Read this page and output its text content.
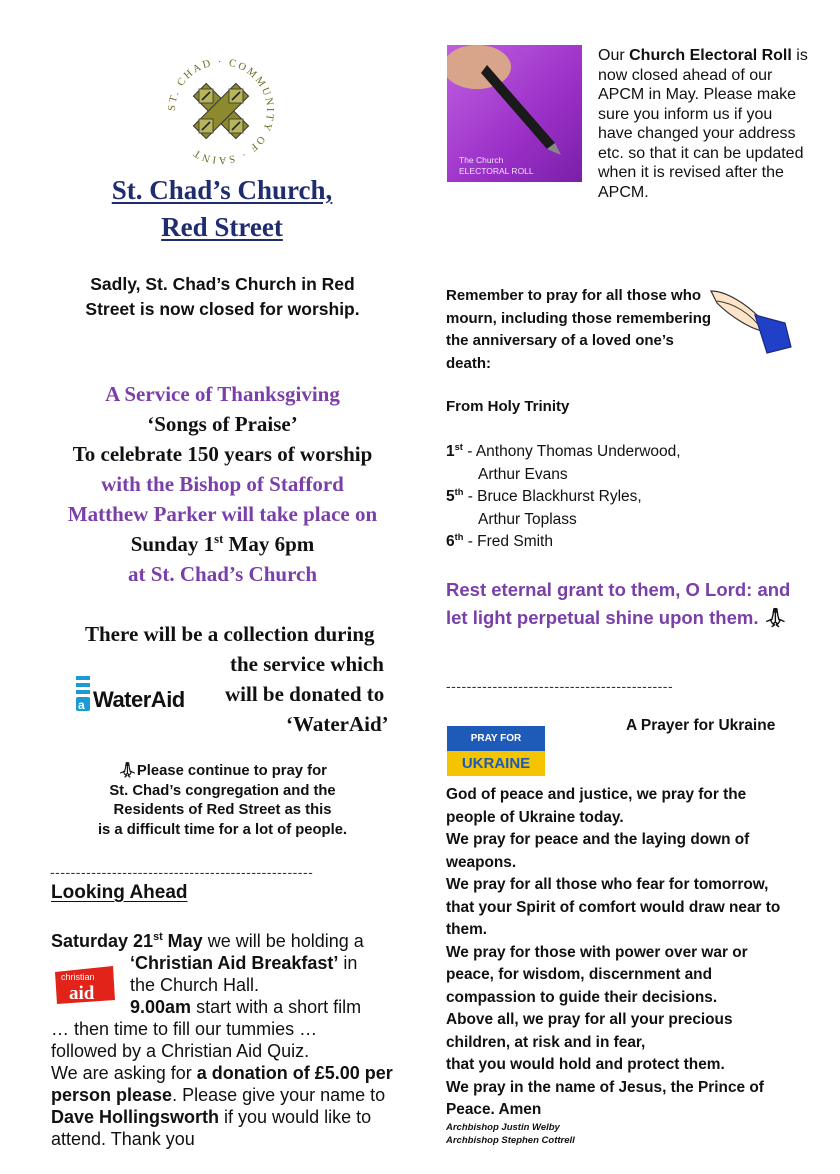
ST. CHAD · COMMUNITY OF · SAINT
St. Chad’s Church,
Red Street
Sadly, St. Chad’s Church in Red Street is now closed for worship.
A Service of Thanksgiving
‘Songs of Praise’
To celebrate 150 years of worship
with the Bishop of Stafford
Matthew Parker will take place on
Sunday 1st May 6pm
at St. Chad’s Church
There will be a collection during
the service which
will be donated to
‘WaterAid’
a WaterAid
🙏︎Please continue to pray for
St. Chad’s congregation and the
Residents of Red Street as this
is a difficult time for a lot of people.
---------------------------------------------------
Looking Ahead
Saturday 21st May we will be holding a
‘Christian Aid Breakfast’ in
the Church Hall.
9.00am start with a short film
… then time to fill our tummies …
followed by a Christian Aid Quiz.
We are asking for a donation of £5.00 per person please. Please give your name to Dave Hollingsworth if you would like to attend. Thank you
christian
aid
The Church
ELECTORAL ROLL
Our Church Electoral Roll is now closed ahead of our APCM in May. Please make sure you inform us if you have changed your address etc. so that it can be updated when it is revised after the APCM.
Remember to pray for all those who mourn, including those remembering the anniversary of a loved one’s death:
From Holy Trinity
1st - Anthony Thomas Underwood,
Arthur Evans
5th - Bruce Blackhurst Ryles,
Arthur Toplass
6th - Fred Smith
Rest eternal grant to them, O Lord: and let light perpetual shine upon them. 🙏︎
--------------------------------------------
PRAY FOR
UKRAINE
A Prayer for Ukraine
God of peace and justice, we pray for the people of Ukraine today.
We pray for peace and the laying down of weapons.
We pray for all those who fear for tomorrow, that your Spirit of comfort would draw near to them.
We pray for those with power over war or peace, for wisdom, discernment and compassion to guide their decisions.
Above all, we pray for all your precious children, at risk and in fear,
that you would hold and protect them.
We pray in the name of Jesus, the Prince of Peace. Amen
Archbishop Justin Welby
Archbishop Stephen Cottrell
